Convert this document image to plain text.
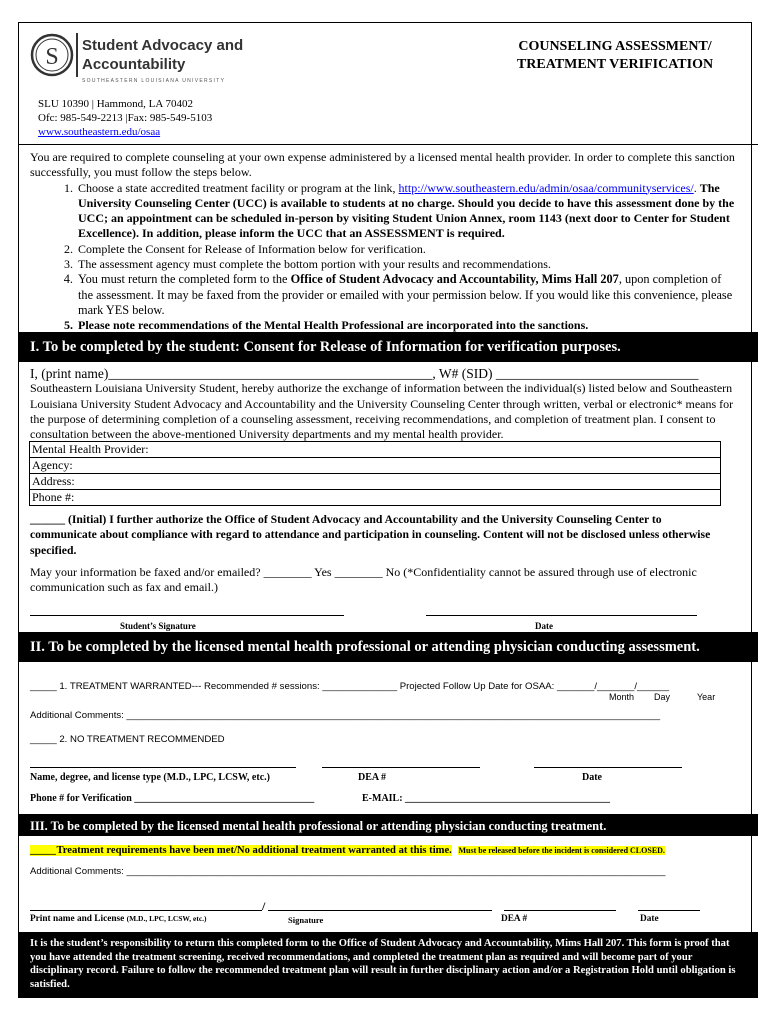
S Student Advocacy and
Accountability
SOUTHEASTERN LOUISIANA UNIVERSITY
SLU 10390 | Hammond, LA 70402
Ofc: 985-549-2213 |Fax: 985-549-5103
www.southeastern.edu/osaa
COUNSELING ASSESSMENT/
TREATMENT VERIFICATION
You are required to complete counseling at your own expense administered by a licensed mental health provider. In order to complete this sanction successfully, you must follow the steps below.
1. Choose a state accredited treatment facility or program at the link, http://www.southeastern.edu/admin/osaa/communityservices/. The University Counseling Center (UCC) is available to students at no charge. Should you decide to have this assessment done by the UCC; an appointment can be scheduled in-person by visiting Student Union Annex, room 1143 (next door to Center for Student Excellence). In addition, please inform the UCC that an ASSESSMENT is required.
2. Complete the Consent for Release of Information below for verification.
3. The assessment agency must complete the bottom portion with your results and recommendations.
4. You must return the completed form to the Office of Student Advocacy and Accountability, Mims Hall 207, upon completion of the assessment. It may be faxed from the provider or emailed with your permission below. If you would like this convenience, please mark YES below.
5. Please note recommendations of the Mental Health Professional are incorporated into the sanctions.
I. To be completed by the student: Consent for Release of Information for verification purposes.
I, (print name)________________________________________________, W# (SID) ______________________________
Southeastern Louisiana University Student, hereby authorize the exchange of information between the individual(s) listed below and Southeastern Louisiana University Student Advocacy and Accountability and the University Counseling Center through written, verbal or electronic* means for the purpose of determining completion of a counseling assessment, receiving recommendations, and completion of treatment plan. I consent to consultation between the above-mentioned University departments and my mental health provider.
Mental Health Provider:
Agency:
Address:
Phone #:
______ (Initial) I further authorize the Office of Student Advocacy and Accountability and the University Counseling Center to communicate about compliance with regard to attendance and participation in counseling. Content will not be disclosed unless otherwise specified.
May your information be faxed and/or emailed? ________ Yes ________ No (*Confidentiality cannot be assured through use of electronic communication such as fax and email.)
Student’s Signature	Date
II. To be completed by the licensed mental health professional or attending physician conducting assessment.
_____ 1. TREATMENT WARRANTED--- Recommended # sessions: ______________ Projected Follow Up Date for OSAA: _______/_______/______
Month Day	Year
Additional Comments: ____________________________________________________________________________________________________
_____ 2. NO TREATMENT RECOMMENDED
Name, degree, and license type (M.D., LPC, LCSW, etc.)	DEA #	Date
Phone # for Verification ____________________________________	E-MAIL: _________________________________________
III. To be completed by the licensed mental health professional or attending physician conducting treatment.
_____Treatment requirements have been met/No additional treatment warranted at this time. Must be released before the incident is considered CLOSED.
Additional Comments: _____________________________________________________________________________________________________
/
Print name and License (M.D., LPC, LCSW, etc.)	Signature	DEA #	Date
It is the student’s responsibility to return this completed form to the Office of Student Advocacy and Accountability, Mims Hall 207. This form is proof that you have attended the treatment screening, received recommendations, and completed the treatment plan as required and will become part of your disciplinary record. Failure to follow the recommended treatment plan will result in further disciplinary action and/or a Registration Hold until obligation is satisfied.
